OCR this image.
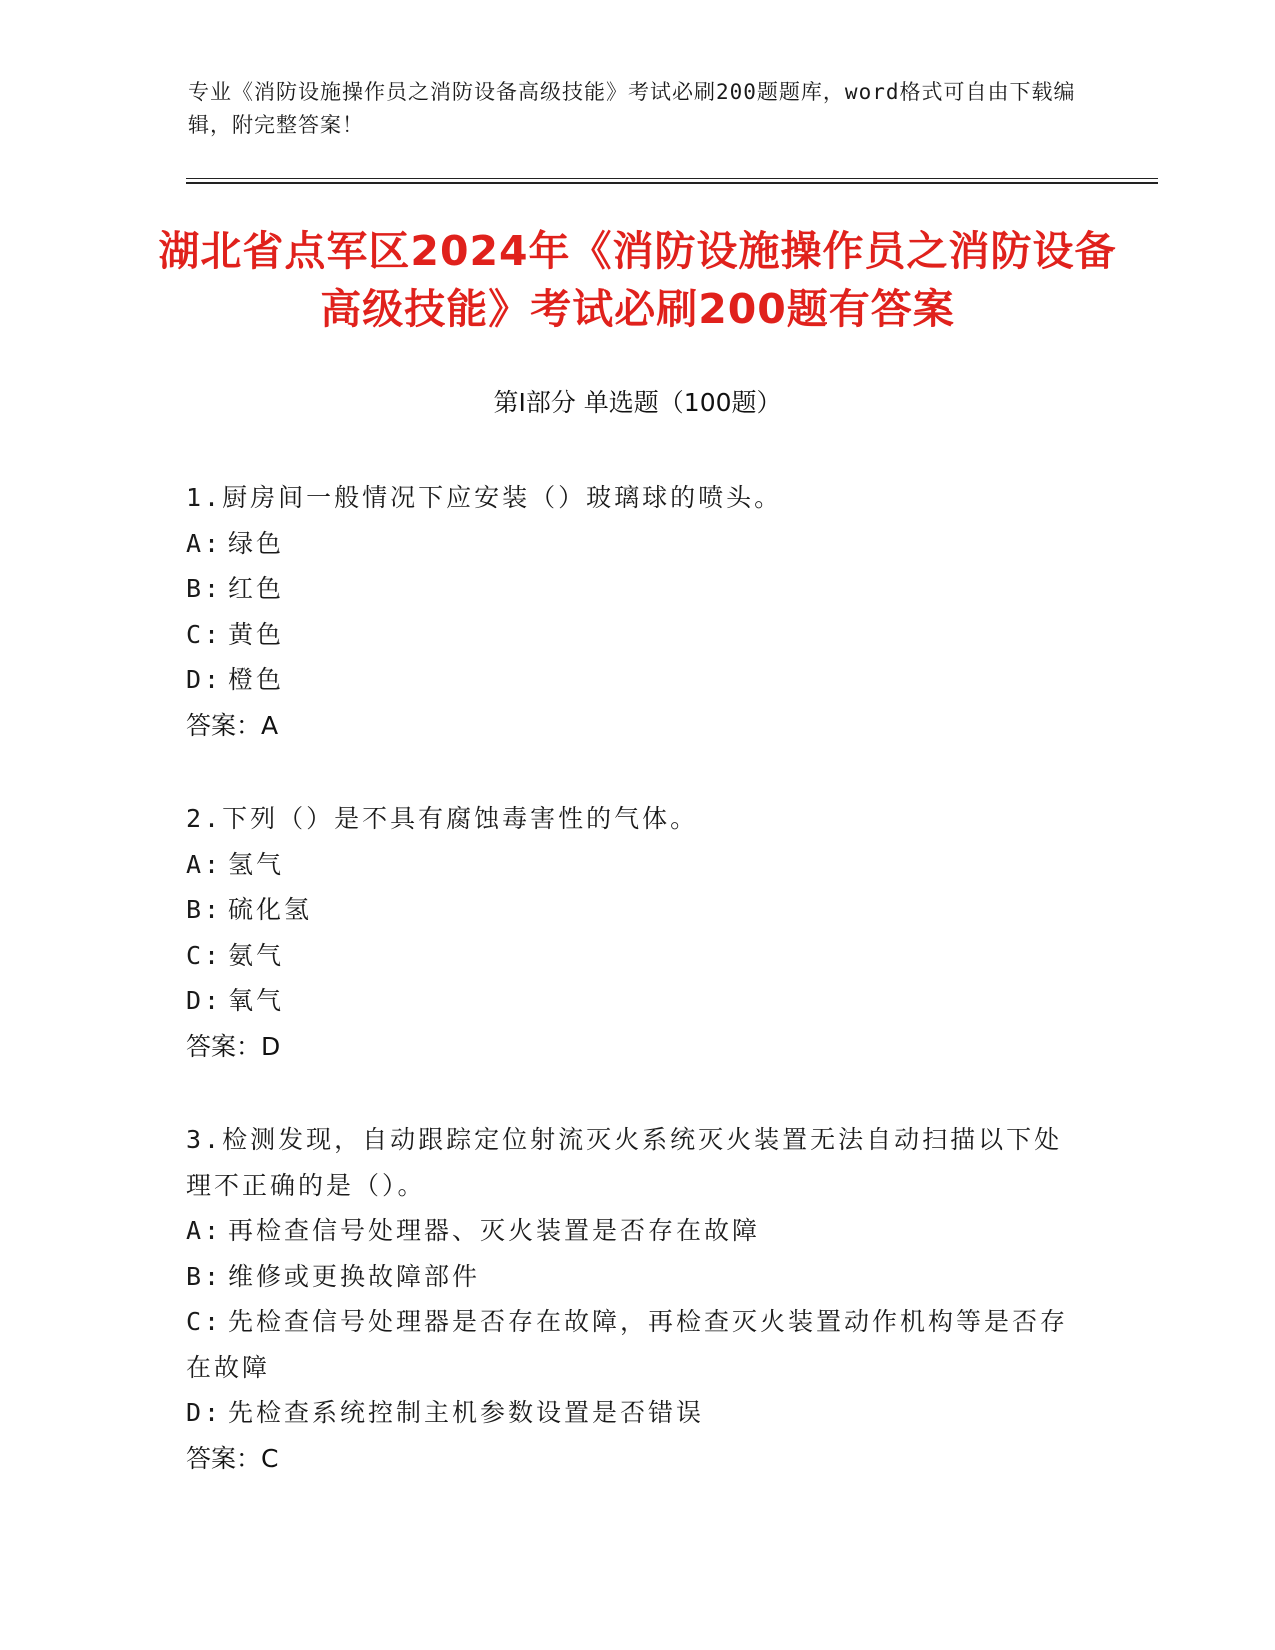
专业《消防设施操作员之消防设备高级技能》考试必刷200题题库，word格式可自由下载编辑，附完整答案！
湖北省点军区2024年《消防设施操作员之消防设备高级技能》考试必刷200题有答案
第Ⅰ部分 单选题（100题）
1.厨房间一般情况下应安装（）玻璃球的喷头。
A: 绿色
B: 红色
C: 黄色
D: 橙色
答案：A
2.下列（）是不具有腐蚀毒害性的气体。
A: 氢气
B: 硫化氢
C: 氨气
D: 氧气
答案：D
3.检测发现，自动跟踪定位射流灭火系统灭火装置无法自动扫描以下处理不正确的是（）。
A: 再检查信号处理器、灭火装置是否存在故障
B: 维修或更换故障部件
C: 先检查信号处理器是否存在故障，再检查灭火装置动作机构等是否存在故障
D: 先检查系统控制主机参数设置是否错误
答案：C
